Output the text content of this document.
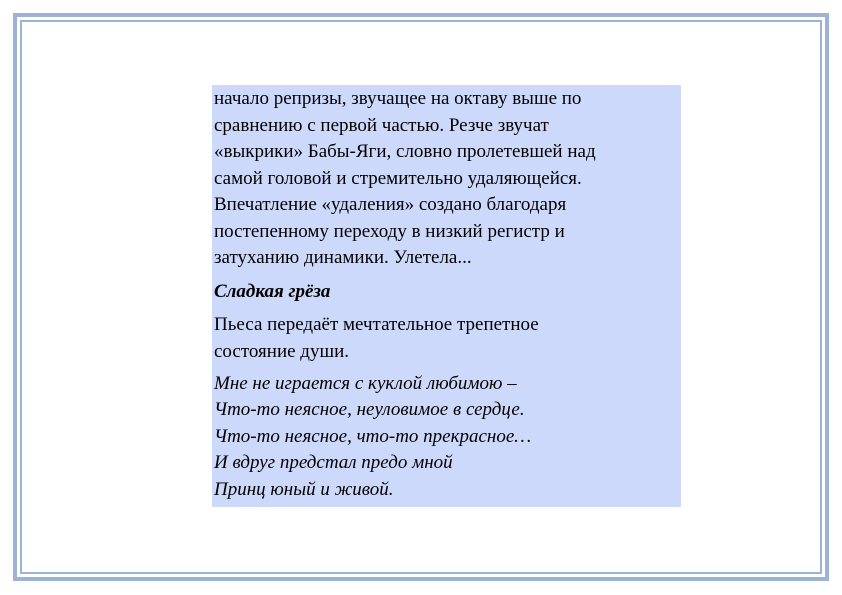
начало репризы, звучащее на октаву выше по
сравнению с первой частью. Резче звучат
«выкрики» Бабы-Яги, словно пролетевшей над
самой головой и стремительно удаляющейся.
Впечатление «удаления» создано благодаря
постепенному переходу в низкий регистр и
затуханию динамики. Улетела...

Сладкая грёза

Пьеса передаёт мечтательное трепетное
состояние души.

Мне не играется с куклой любимою –
Что-то неясное, неуловимое в сердце.
Что-то неясное, что-то прекрасное…
И вдруг предстал предо мной
Принц юный и живой.
